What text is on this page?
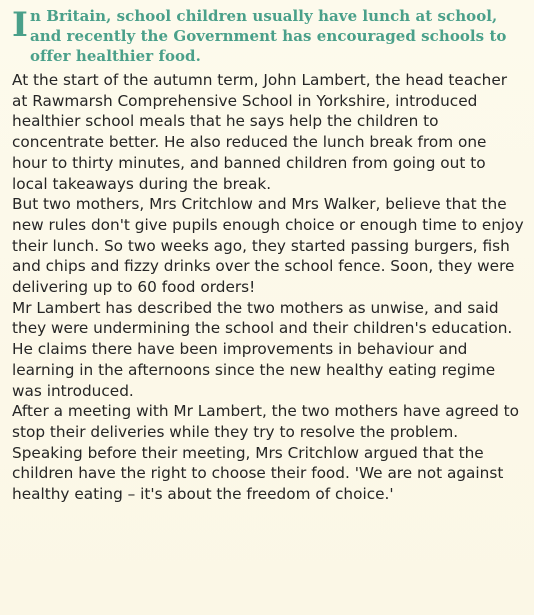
I n Britain, school children usually have lunch at school, and recently the Government has encouraged schools to offer healthier food.

At the start of the autumn term, John Lambert, the head teacher at Rawmarsh Comprehensive School in Yorkshire, introduced healthier school meals that he says help the children to concentrate better. He also reduced the lunch break from one hour to thirty minutes, and banned children from going out to local takeaways during the break.

But two mothers, Mrs Critchlow and Mrs Walker, believe that the new rules don't give pupils enough choice or enough time to enjoy their lunch. So two weeks ago, they started passing burgers, fish and chips and fizzy drinks over the school fence. Soon, they were delivering up to 60 food orders!

Mr Lambert has described the two mothers as unwise, and said they were undermining the school and their children's education. He claims there have been improvements in behaviour and learning in the afternoons since the new healthy eating regime was introduced.

After a meeting with Mr Lambert, the two mothers have agreed to stop their deliveries while they try to resolve the problem. Speaking before their meeting, Mrs Critchlow argued that the children have the right to choose their food. 'We are not against healthy eating – it's about the freedom of choice.'
